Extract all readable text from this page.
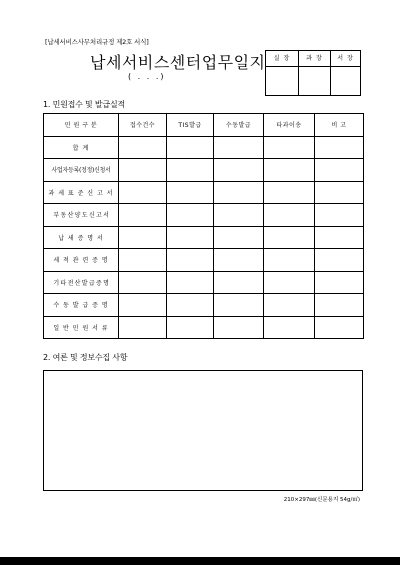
[납세서비스사무처리규정 제2호 서식]
납세서비스센터업무일지
( . . .)
실 장	과 장	서 장
1. 민원접수 및 발급실적
민 원 구 분	접수건수	TIS발급	수동발급	타과이송	비 고
합 계					
사업자등록(정정)신청서					
과 세 표 준 신 고 서					
부 동 산 양 도 신 고 서					
납 세 증 명 서					
세 적 관 련 증 명					
기 타 전 산 발 급 증 명					
수 동 발 급 증 명					
일 반 민 원 서 류					
2. 여론 및 정보수집 사항
210×297㎜(신문용지 54g/㎡)
